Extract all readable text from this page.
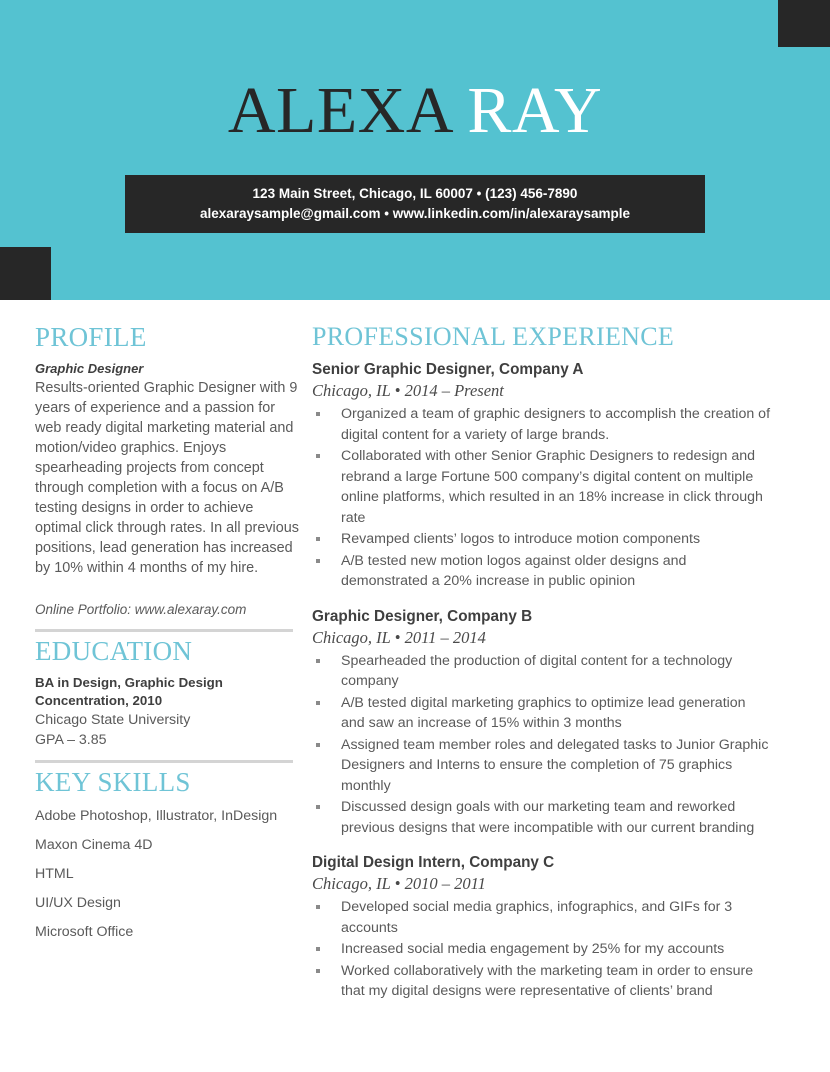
ALEXA RAY
123 Main Street, Chicago, IL 60007 • (123) 456-7890
alexaraysample@gmail.com • www.linkedin.com/in/alexaraysample
PROFILE

Graphic Designer

Results-oriented Graphic Designer with 9 years of experience and a passion for web ready digital marketing material and motion/video graphics. Enjoys spearheading projects from concept through completion with a focus on A/B testing designs in order to achieve optimal click through rates. In all previous positions, lead generation has increased by 10% within 4 months of my hire.

Online Portfolio: www.alexaray.com

EDUCATION

BA in Design, Graphic Design Concentration, 2010

Chicago State University

GPA – 3.85

KEY SKILLS

Adobe Photoshop, Illustrator, InDesign

Maxon Cinema 4D

HTML

UI/UX Design

Microsoft Office

PROFESSIONAL EXPERIENCE

Senior Graphic Designer, Company A

Chicago, IL • 2014 – Present

Organized a team of graphic designers to accomplish the creation of digital content for a variety of large brands.
Collaborated with other Senior Graphic Designers to redesign and rebrand a large Fortune 500 company’s digital content on multiple online platforms, which resulted in an 18% increase in click through rate
Revamped clients’ logos to introduce motion components
A/B tested new motion logos against older designs and demonstrated a 20% increase in public opinion

Graphic Designer, Company B

Chicago, IL • 2011 – 2014

Spearheaded the production of digital content for a technology company
A/B tested digital marketing graphics to optimize lead generation and saw an increase of 15% within 3 months
Assigned team member roles and delegated tasks to Junior Graphic Designers and Interns to ensure the completion of 75 graphics monthly
Discussed design goals with our marketing team and reworked previous designs that were incompatible with our current branding

Digital Design Intern, Company C

Chicago, IL • 2010 – 2011

Developed social media graphics, infographics, and GIFs for 3 accounts
Increased social media engagement by 25% for my accounts
Worked collaboratively with the marketing team in order to ensure that my digital designs were representative of clients’ brand
